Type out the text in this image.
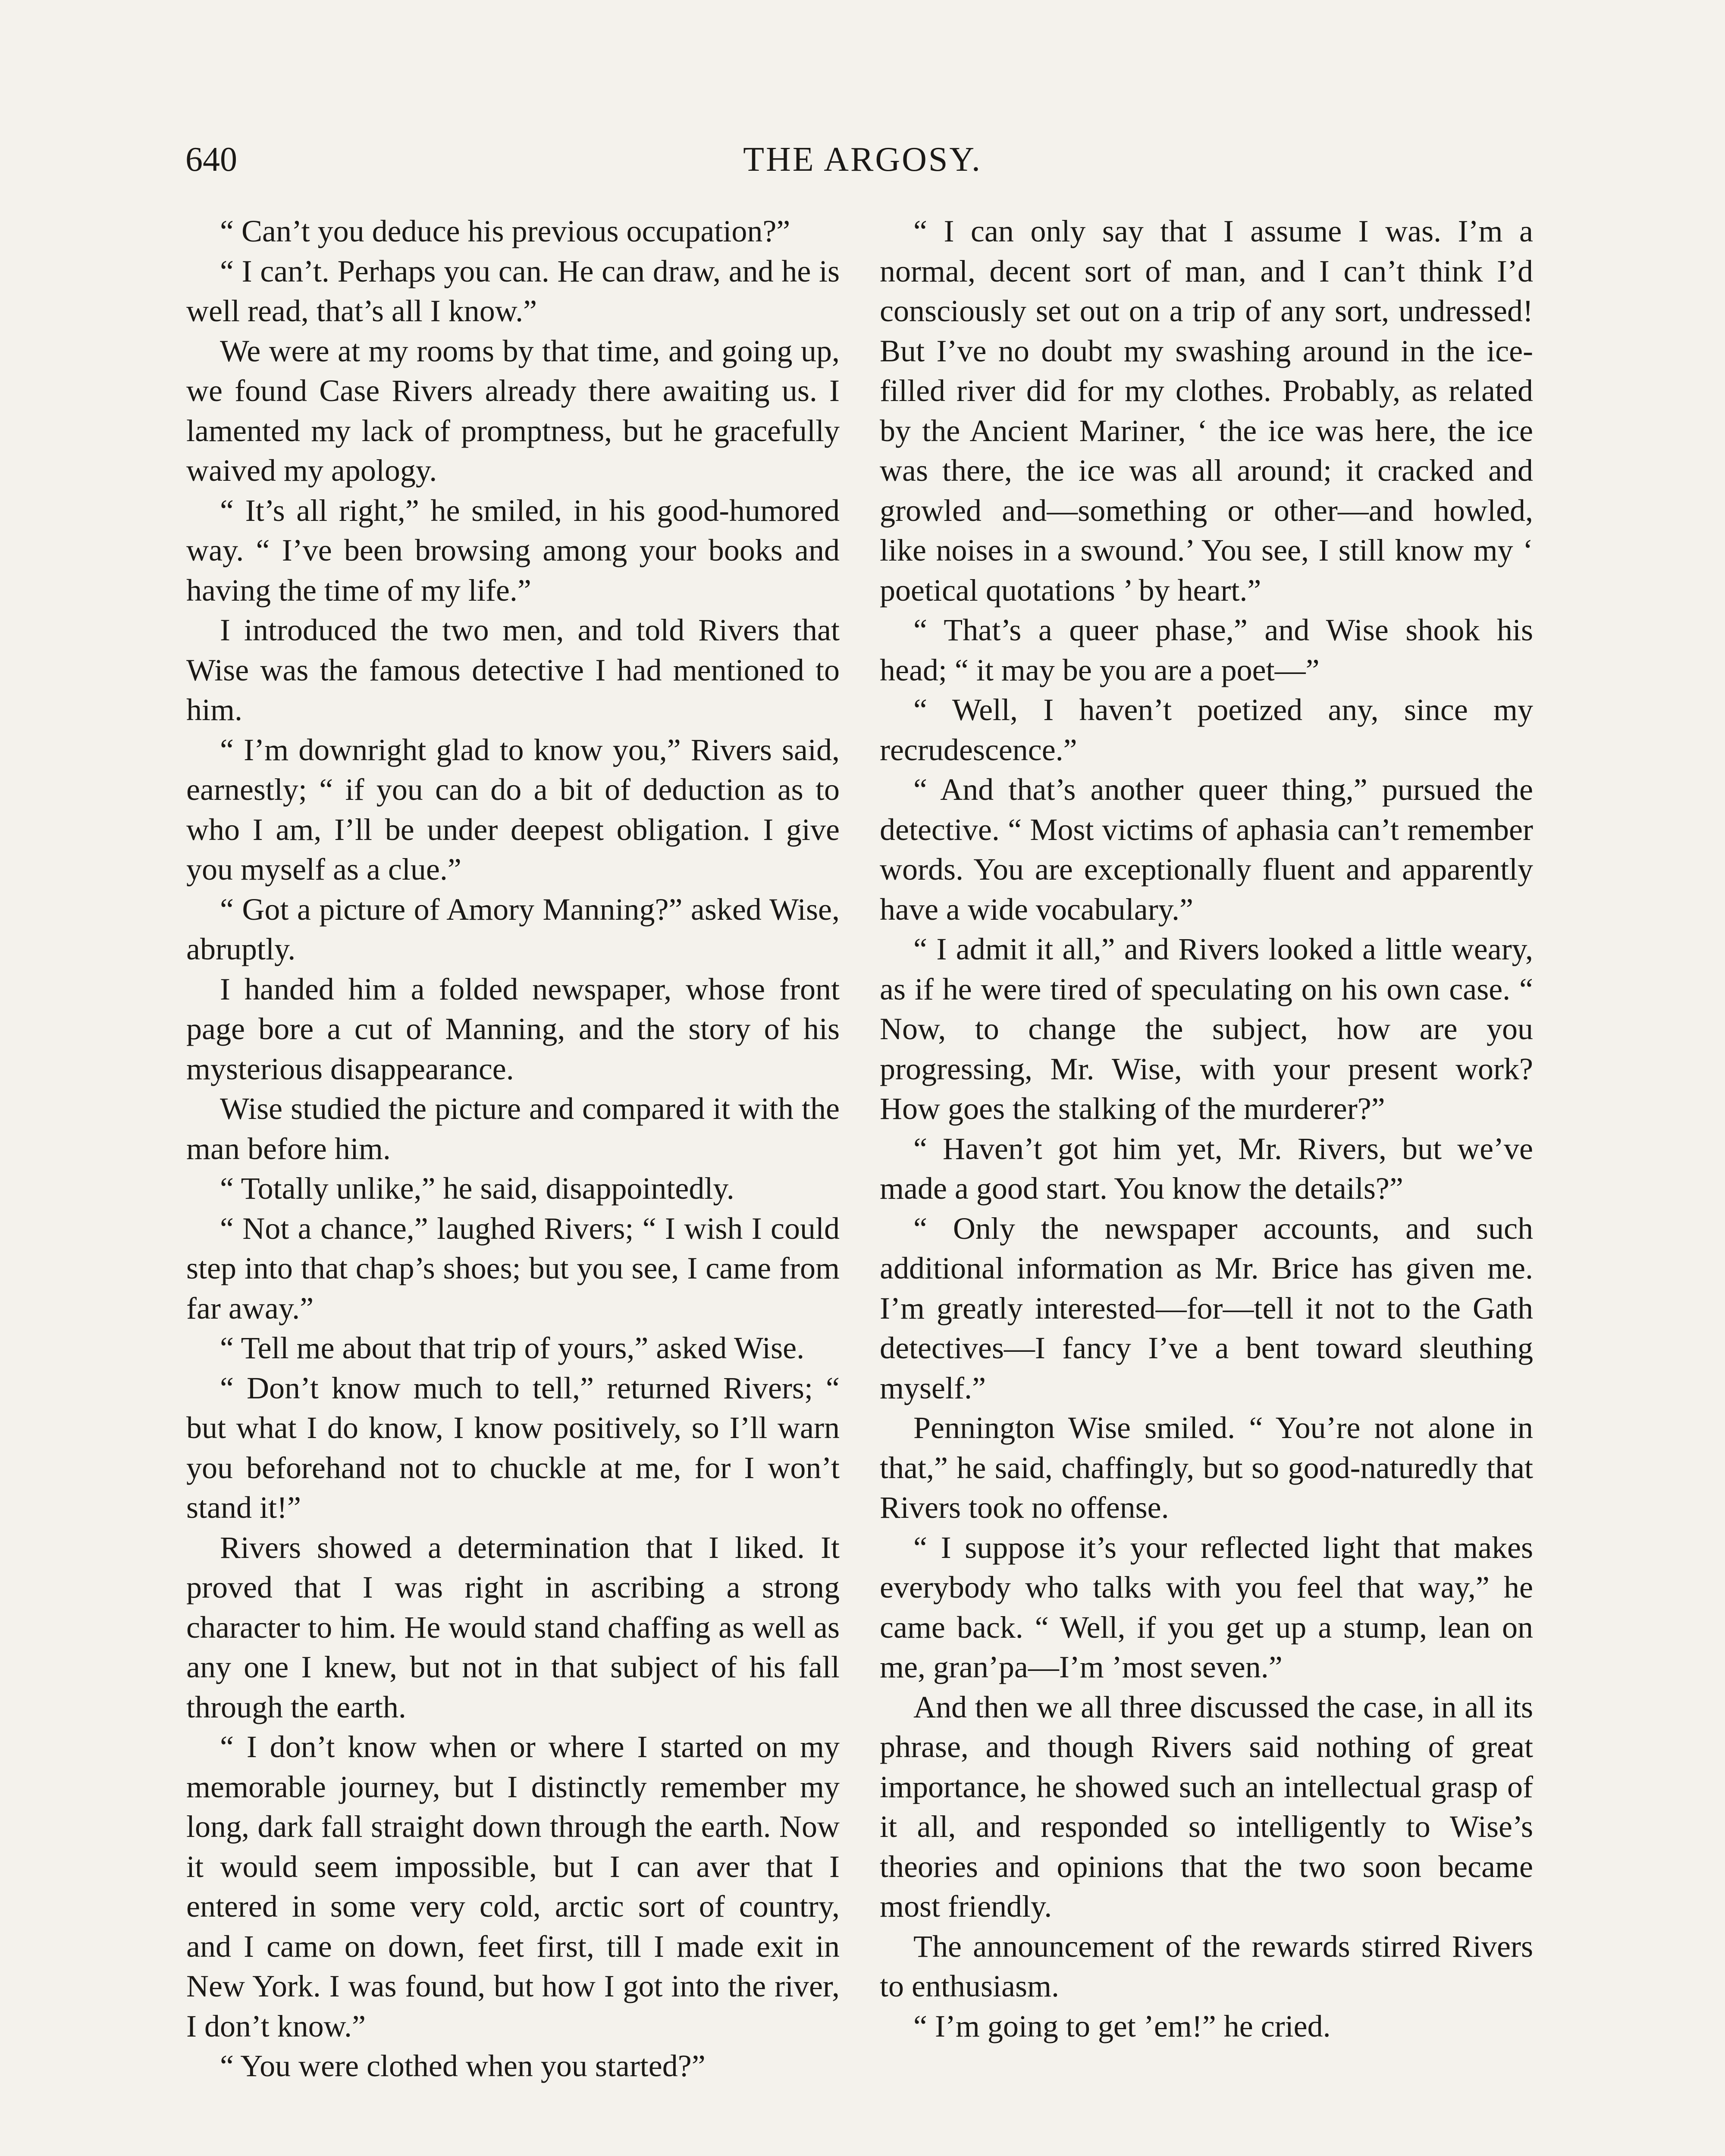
640	THE ARGOSY.

“ Can’t you deduce his previous occupation?”

“ I can’t. Perhaps you can. He can draw, and he is well read, that’s all I know.”

We were at my rooms by that time, and going up, we found Case Rivers already there awaiting us. I lamented my lack of promptness, but he gracefully waived my apology.

“ It’s all right,” he smiled, in his good-humored way. “ I’ve been browsing among your books and having the time of my life.”

I introduced the two men, and told Rivers that Wise was the famous detective I had mentioned to him.

“ I’m downright glad to know you,” Rivers said, earnestly; “ if you can do a bit of deduction as to who I am, I’ll be under deepest obligation. I give you myself as a clue.”

“ Got a picture of Amory Manning?” asked Wise, abruptly.

I handed him a folded newspaper, whose front page bore a cut of Manning, and the story of his mysterious disappearance.

Wise studied the picture and compared it with the man before him.

“ Totally unlike,” he said, disappointedly.

“ Not a chance,” laughed Rivers; “ I wish I could step into that chap’s shoes; but you see, I came from far away.”

“ Tell me about that trip of yours,” asked Wise.

“ Don’t know much to tell,” returned Rivers; “ but what I do know, I know positively, so I’ll warn you beforehand not to chuckle at me, for I won’t stand it!”

Rivers showed a determination that I liked. It proved that I was right in ascribing a strong character to him. He would stand chaffing as well as any one I knew, but not in that subject of his fall through the earth.

“ I don’t know when or where I started on my memorable journey, but I distinctly remember my long, dark fall straight down through the earth. Now it would seem impossible, but I can aver that I entered in some very cold, arctic sort of country, and I came on down, feet first, till I made exit in New York. I was found, but how I got into the river, I don’t know.”

“ You were clothed when you started?”

“ I can only say that I assume I was. I’m a normal, decent sort of man, and I can’t think I’d consciously set out on a trip of any sort, undressed! But I’ve no doubt my swashing around in the ice-filled river did for my clothes. Probably, as related by the Ancient Mariner, ‘ the ice was here, the ice was there, the ice was all around; it cracked and growled and—something or other—and howled, like noises in a swound.’ You see, I still know my ‘ poetical quotations ’ by heart.”

“ That’s a queer phase,” and Wise shook his head; “ it may be you are a poet—”

“ Well, I haven’t poetized any, since my recrudescence.”

“ And that’s another queer thing,” pursued the detective. “ Most victims of aphasia can’t remember words. You are exceptionally fluent and apparently have a wide vocabulary.”

“ I admit it all,” and Rivers looked a little weary, as if he were tired of speculating on his own case. “ Now, to change the subject, how are you progressing, Mr. Wise, with your present work? How goes the stalking of the murderer?”

“ Haven’t got him yet, Mr. Rivers, but we’ve made a good start. You know the details?”

“ Only the newspaper accounts, and such additional information as Mr. Brice has given me. I’m greatly interested—for—tell it not to the Gath detectives—I fancy I’ve a bent toward sleuthing myself.”

Pennington Wise smiled. “ You’re not alone in that,” he said, chaffingly, but so good-naturedly that Rivers took no offense.

“ I suppose it’s your reflected light that makes everybody who talks with you feel that way,” he came back. “ Well, if you get up a stump, lean on me, gran’pa—I’m ’most seven.”

And then we all three discussed the case, in all its phrase, and though Rivers said nothing of great importance, he showed such an intellectual grasp of it all, and responded so intelligently to Wise’s theories and opinions that the two soon became most friendly.

The announcement of the rewards stirred Rivers to enthusiasm.

“ I’m going to get ’em!” he cried.
